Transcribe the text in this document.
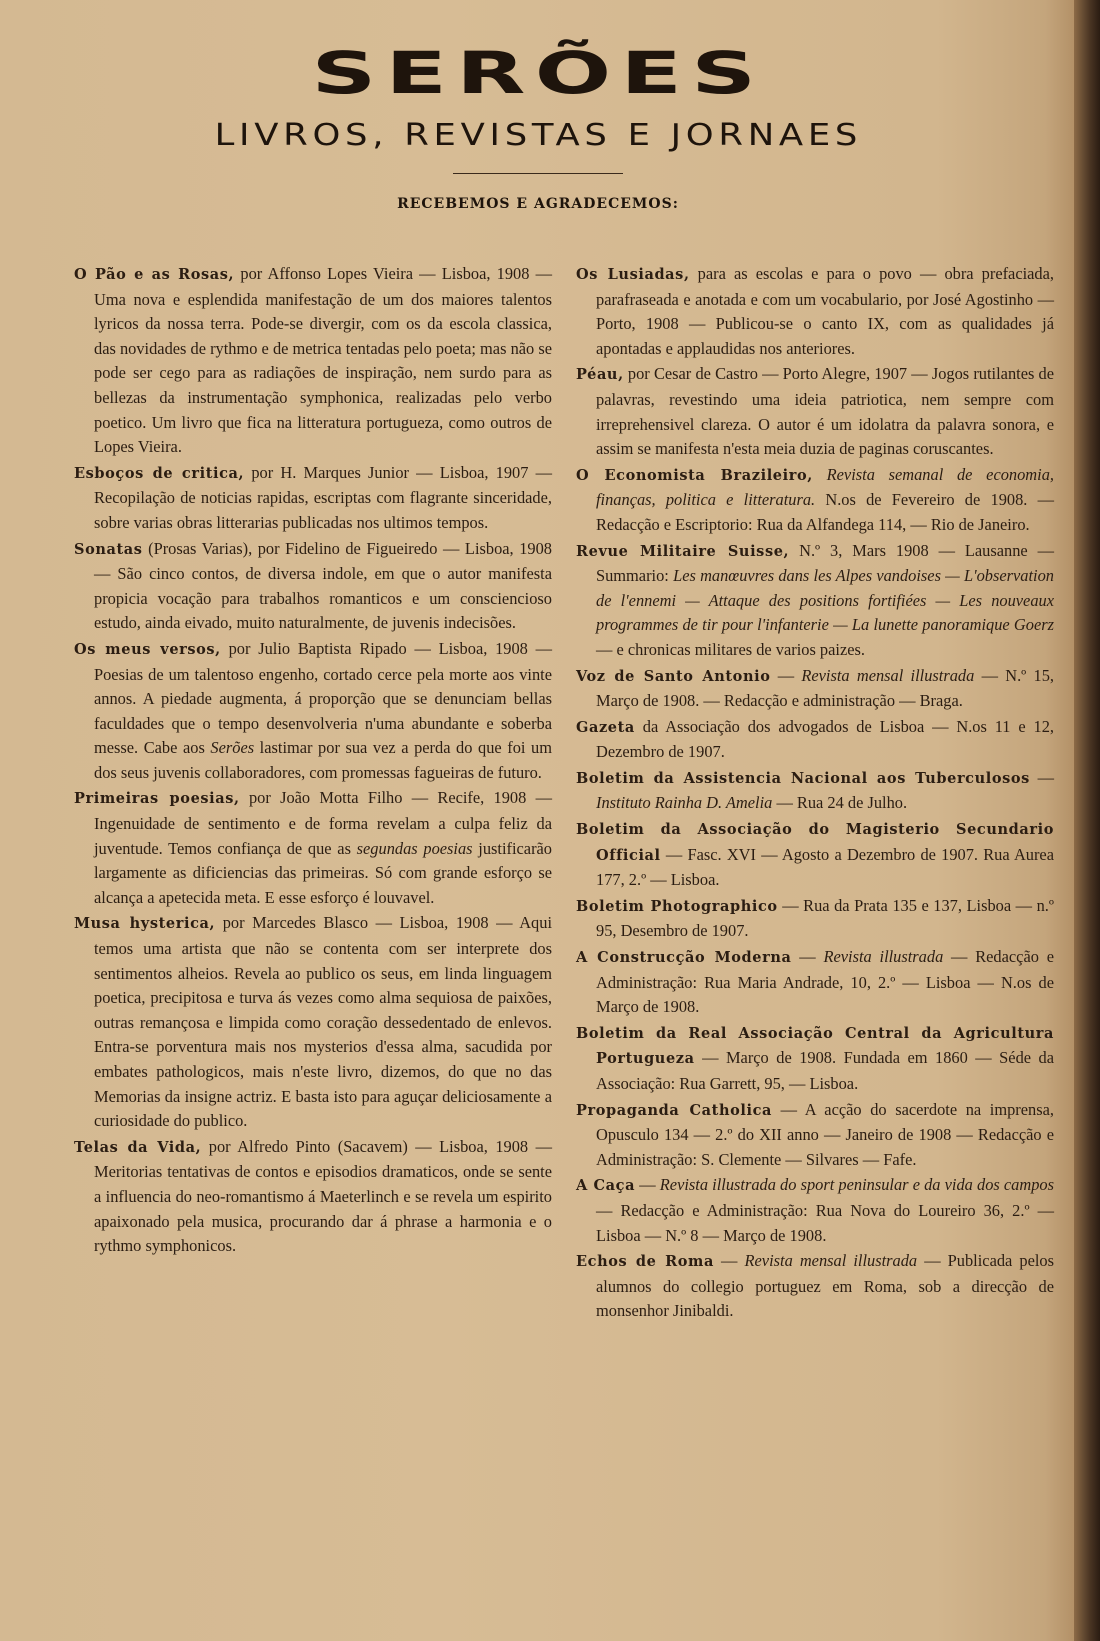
SERÕES
LIVROS, REVISTAS E JORNAES
RECEBEMOS E AGRADECEMOS:

O Pão e as Rosas, por Affonso Lopes Vieira — Lisboa, 1908 — Uma nova e esplendida manifestação de um dos maiores talentos lyricos da nossa terra. Pode-se divergir, com os da escola classica, das novidades de rythmo e de metrica tentadas pelo poeta; mas não se pode ser cego para as radiações de inspiração, nem surdo para as bellezas da instrumentação symphonica, realizadas pelo verbo poetico. Um livro que fica na litteratura portugueza, como outros de Lopes Vieira.

Esboços de critica, por H. Marques Junior — Lisboa, 1907 — Recopilação de noticias rapidas, escriptas com flagrante sinceridade, sobre varias obras litterarias publicadas nos ultimos tempos.

Sonatas (Prosas Varias), por Fidelino de Figueiredo — Lisboa, 1908 — São cinco contos, de diversa indole, em que o autor manifesta propicia vocação para trabalhos romanticos e um consciencioso estudo, ainda eivado, muito naturalmente, de juvenis indecisões.

Os meus versos, por Julio Baptista Ripado — Lisboa, 1908 — Poesias de um talentoso engenho, cortado cerce pela morte aos vinte annos. A piedade augmenta, á proporção que se denunciam bellas faculdades que o tempo desenvolveria n'uma abundante e soberba messe. Cabe aos Serões lastimar por sua vez a perda do que foi um dos seus juvenis collaboradores, com promessas fagueiras de futuro.

Primeiras poesias, por João Motta Filho — Recife, 1908 — Ingenuidade de sentimento e de forma revelam a culpa feliz da juventude. Temos confiança de que as segundas poesias justificarão largamente as dificiencias das primeiras. Só com grande esforço se alcança a apetecida meta. E esse esforço é louvavel.

Musa hysterica, por Marcedes Blasco — Lisboa, 1908 — Aqui temos uma artista que não se contenta com ser interprete dos sentimentos alheios. Revela ao publico os seus, em linda linguagem poetica, precipitosa e turva ás vezes como alma sequiosa de paixões, outras remançosa e limpida como coração dessedentado de enlevos. Entra-se porventura mais nos mysterios d'essa alma, sacudida por embates pathologicos, mais n'este livro, dizemos, do que no das Memorias da insigne actriz. E basta isto para aguçar deliciosamente a curiosidade do publico.

Telas da Vida, por Alfredo Pinto (Sacavem) — Lisboa, 1908 — Meritorias tentativas de contos e episodios dramaticos, onde se sente a influencia do neo-romantismo á Maeterlinch e se revela um espirito apaixonado pela musica, procurando dar á phrase a harmonia e o rythmo symphonicos.

Os Lusiadas, para as escolas e para o povo — obra prefaciada, parafraseada e anotada e com um vocabulario, por José Agostinho — Porto, 1908 — Publicou-se o canto IX, com as qualidades já apontadas e applaudidas nos anteriores.

Péau, por Cesar de Castro — Porto Alegre, 1907 — Jogos rutilantes de palavras, revestindo uma ideia patriotica, nem sempre com irreprehensivel clareza. O autor é um idolatra da palavra sonora, e assim se manifesta n'esta meia duzia de paginas coruscantes.

O Economista Brazileiro, Revista semanal de economia, finanças, politica e litteratura. N.os de Fevereiro de 1908. — Redacção e Escriptorio: Rua da Alfandega 114, — Rio de Janeiro.

Revue Militaire Suisse, N.º 3, Mars 1908 — Lausanne — Summario: Les manœuvres dans les Alpes vandoises — L'observation de l'ennemi — Attaque des positions fortifiées — Les nouveaux programmes de tir pour l'infanterie — La lunette panoramique Goerz — e chronicas militares de varios paizes.

Voz de Santo Antonio — Revista mensal illustrada — N.º 15, Março de 1908. — Redacção e administração — Braga.

Gazeta da Associação dos advogados de Lisboa — N.os 11 e 12, Dezembro de 1907.

Boletim da Assistencia Nacional aos Tuberculosos — Instituto Rainha D. Amelia — Rua 24 de Julho.

Boletim da Associação do Magisterio Secundario Official — Fasc. XVI — Agosto a Dezembro de 1907. Rua Aurea 177, 2.º — Lisboa.

Boletim Photographico — Rua da Prata 135 e 137, Lisboa — n.º 95, Desembro de 1907.

A Construcção Moderna — Revista illustrada — Redacção e Administração: Rua Maria Andrade, 10, 2.º — Lisboa — N.os de Março de 1908.

Boletim da Real Associação Central da Agricultura Portugueza — Março de 1908. Fundada em 1860 — Séde da Associação: Rua Garrett, 95, — Lisboa.

Propaganda Catholica — A acção do sacerdote na imprensa, Opusculo 134 — 2.º do XII anno — Janeiro de 1908 — Redacção e Administração: S. Clemente — Silvares — Fafe.

A Caça — Revista illustrada do sport peninsular e da vida dos campos — Redacção e Administração: Rua Nova do Loureiro 36, 2.º — Lisboa — N.º 8 — Março de 1908.

Echos de Roma — Revista mensal illustrada — Publicada pelos alumnos do collegio portuguez em Roma, sob a direcção de monsenhor Jinibaldi.
